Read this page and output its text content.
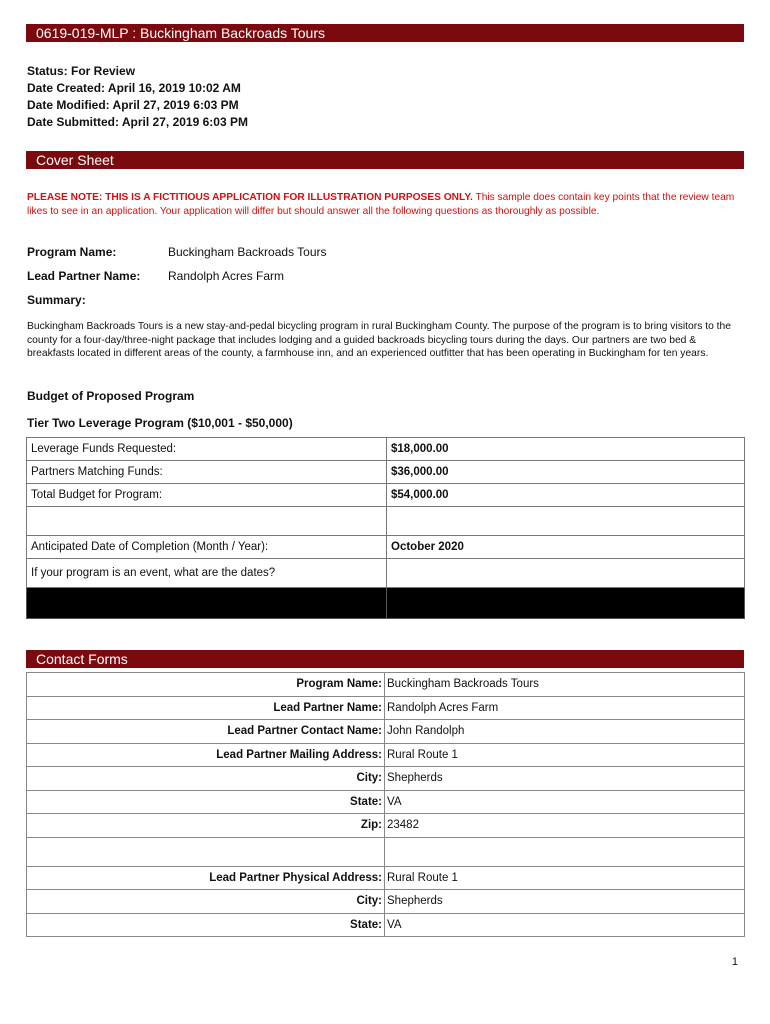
0619-019-MLP : Buckingham Backroads Tours
Status: For Review
Date Created: April 16, 2019 10:02 AM
Date Modified: April 27, 2019 6:03 PM
Date Submitted: April 27, 2019 6:03 PM
Cover Sheet
PLEASE NOTE: THIS IS A FICTITIOUS APPLICATION FOR ILLUSTRATION PURPOSES ONLY. This sample does contain key points that the review team likes to see in an application. Your application will differ but should answer all the following questions as thoroughly as possible.
Program Name:	Buckingham Backroads Tours
Lead Partner Name: Randolph Acres Farm
Summary:
Buckingham Backroads Tours is a new stay-and-pedal bicycling program in rural Buckingham County. The purpose of the program is to bring visitors to the county for a four-day/three-night package that includes lodging and a guided backroads bicycling tours during the days. Our partners are two bed & breakfasts located in different areas of the county, a farmhouse inn, and an experienced outfitter that has been operating in Buckingham for ten years.
Budget of Proposed Program
Tier Two Leverage Program ($10,001 - $50,000)
Leverage Funds Requested:	$18,000.00
Partners Matching Funds:	$36,000.00
Total Budget for Program:	$54,000.00

Anticipated Date of Completion (Month / Year):	October 2020
If your program is an event, what are the dates?	

Contact Forms
Program Name:	Buckingham Backroads Tours
Lead Partner Name:	Randolph Acres Farm
Lead Partner Contact Name:	John Randolph
Lead Partner Mailing Address:	Rural Route 1
City:	Shepherds
State:	VA
Zip:	23482

Lead Partner Physical Address:	Rural Route 1
City:	Shepherds
State:	VA
1
